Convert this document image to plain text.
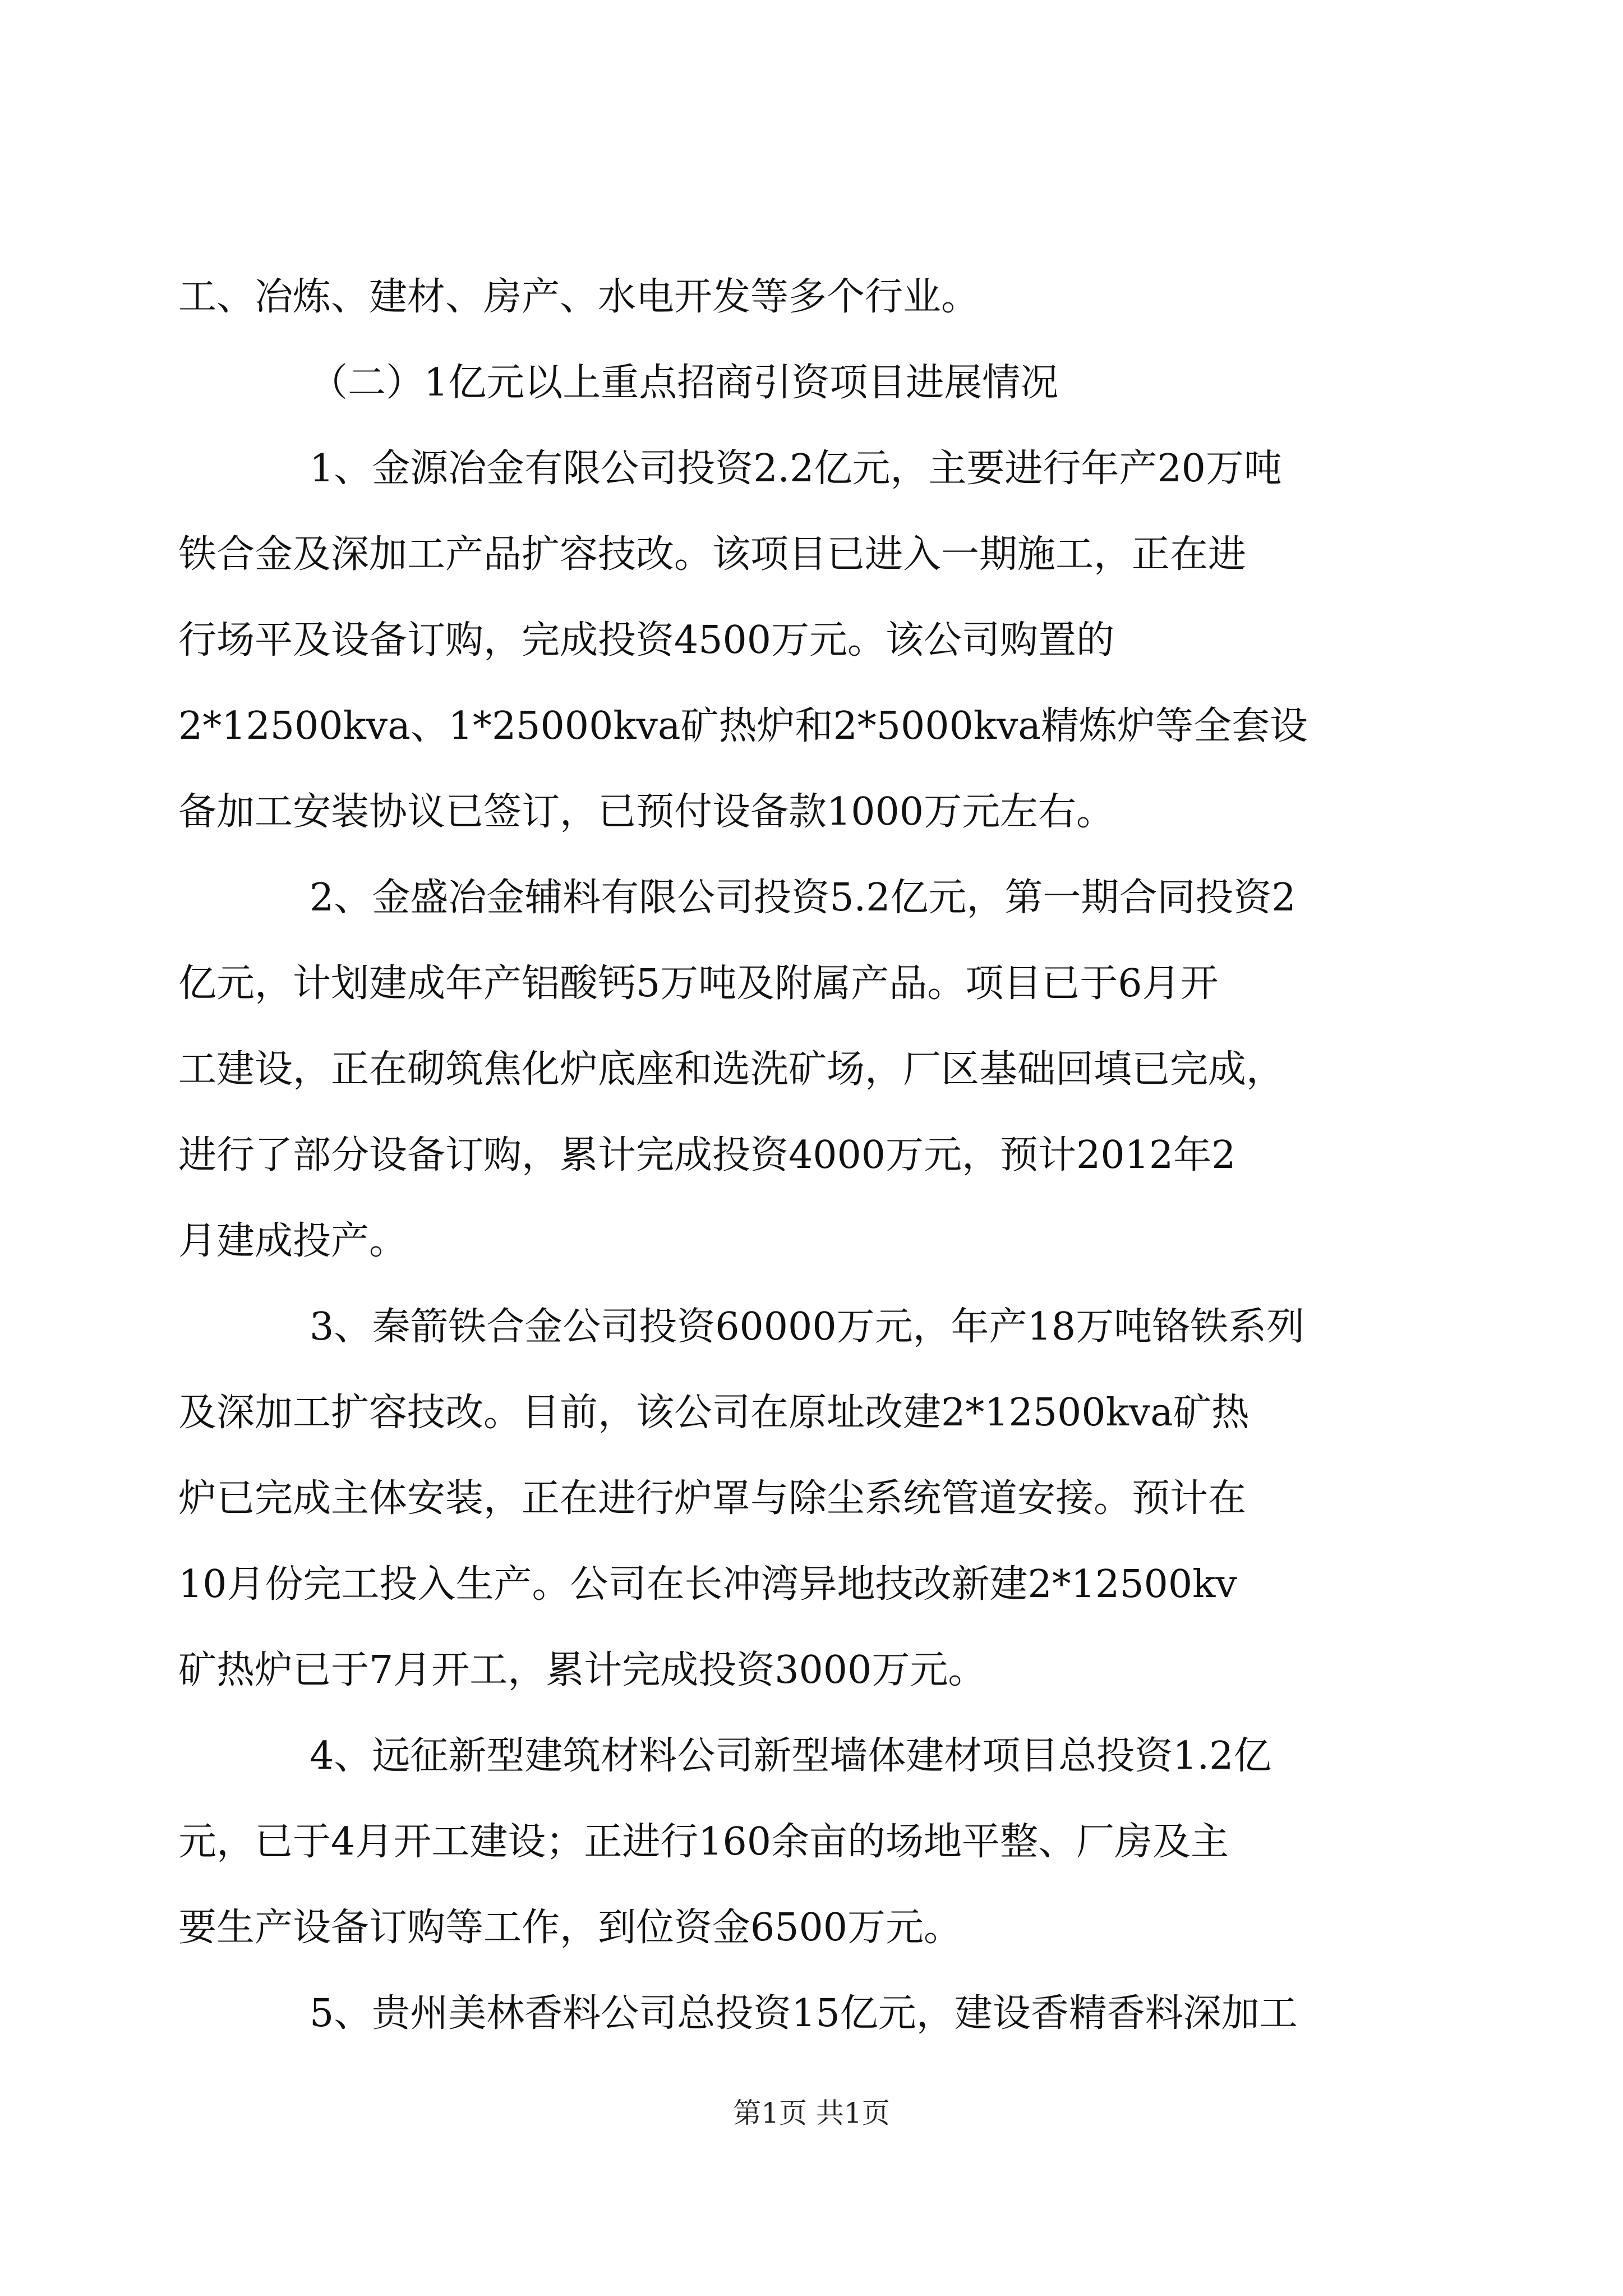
工、冶炼、建材、房产、水电开发等多个行业。
（二）1亿元以上重点招商引资项目进展情况
1、金源冶金有限公司投资2.2亿元，主要进行年产20万吨
铁合金及深加工产品扩容技改。该项目已进入一期施工，正在进
行场平及设备订购，完成投资4500万元。该公司购置的
2*12500kva、1*25000kva矿热炉和2*5000kva精炼炉等全套设
备加工安装协议已签订，已预付设备款1000万元左右。
2、金盛冶金辅料有限公司投资5.2亿元，第一期合同投资2
亿元，计划建成年产铝酸钙5万吨及附属产品。项目已于6月开
工建设，正在砌筑焦化炉底座和选洗矿场，厂区基础回填已完成，
进行了部分设备订购，累计完成投资4000万元，预计2012年2
月建成投产。
3、秦箭铁合金公司投资60000万元，年产18万吨铬铁系列
及深加工扩容技改。目前，该公司在原址改建2*12500kva矿热
炉已完成主体安装，正在进行炉罩与除尘系统管道安接。预计在
10月份完工投入生产。公司在长冲湾异地技改新建2*12500kv
矿热炉已于7月开工，累计完成投资3000万元。
4、远征新型建筑材料公司新型墙体建材项目总投资1.2亿
元，已于4月开工建设；正进行160余亩的场地平整、厂房及主
要生产设备订购等工作，到位资金6500万元。
5、贵州美林香料公司总投资15亿元，建设香精香料深加工
第1页 共1页
